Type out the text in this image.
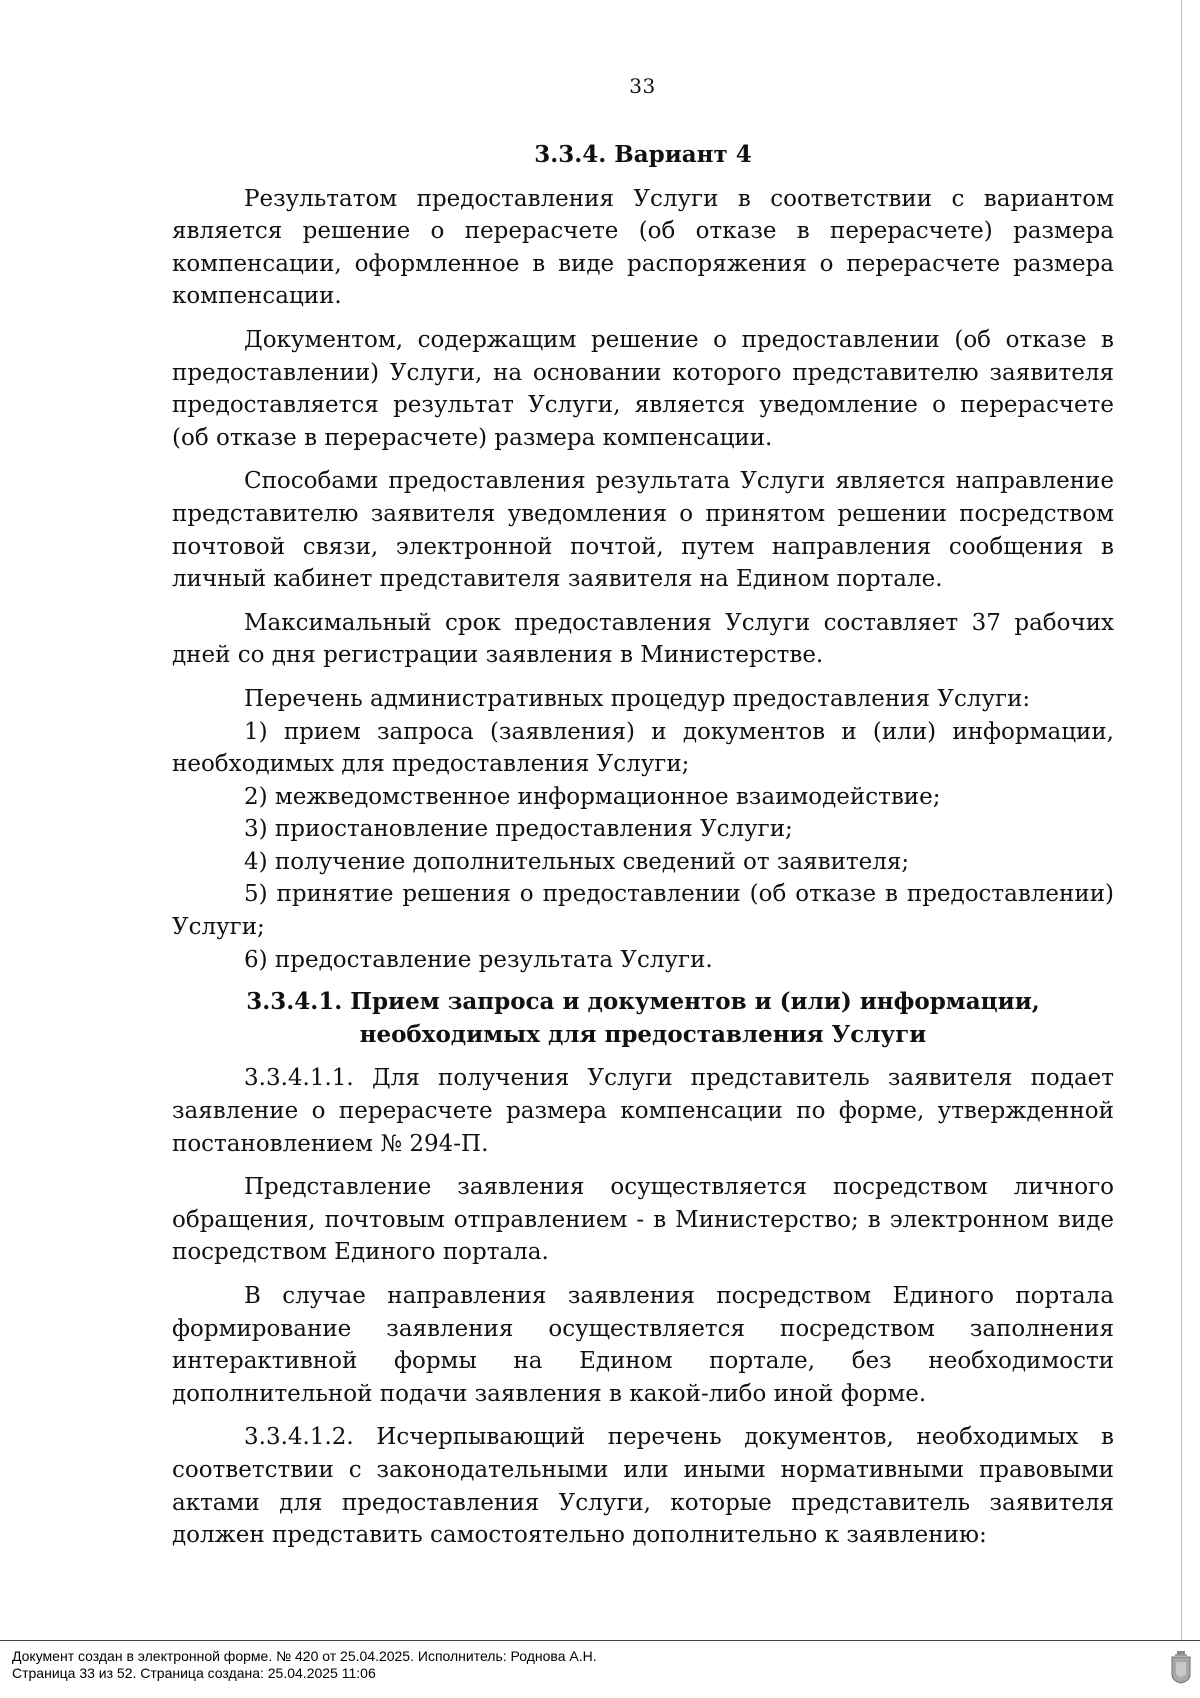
33
3.3.4. Вариант 4

Результатом предоставления Услуги в соответствии с вариантом является решение о перерасчете (об отказе в перерасчете) размера компенсации, оформленное в виде распоряжения о перерасчете размера компенсации.

Документом, содержащим решение о предоставлении (об отказе в предоставлении) Услуги, на основании которого представителю заявителя предоставляется результат Услуги, является уведомление о перерасчете (об отказе в перерасчете) размера компенсации.

Способами предоставления результата Услуги является направление представителю заявителя уведомления о принятом решении посредством почтовой связи, электронной почтой, путем направления сообщения в личный кабинет представителя заявителя на Едином портале.

Максимальный срок предоставления Услуги составляет 37 рабочих дней со дня регистрации заявления в Министерстве.

Перечень административных процедур предоставления Услуги:

1) прием запроса (заявления) и документов и (или) информации, необходимых для предоставления Услуги;

2) межведомственное информационное взаимодействие;

3) приостановление предоставления Услуги;

4) получение дополнительных сведений от заявителя;

5) принятие решения о предоставлении (об отказе в предоставлении) Услуги;

6) предоставление результата Услуги.

3.3.4.1. Прием запроса и документов и (или) информации, необходимых для предоставления Услуги

3.3.4.1.1. Для получения Услуги представитель заявителя подает заявление о перерасчете размера компенсации по форме, утвержденной постановлением № 294-П.

Представление заявления осуществляется посредством личного обращения, почтовым отправлением - в Министерство; в электронном виде посредством Единого портала.

В случае направления заявления посредством Единого портала формирование заявления осуществляется посредством заполнения интерактивной формы на Едином портале, без необходимости дополнительной подачи заявления в какой-либо иной форме.

3.3.4.1.2. Исчерпывающий перечень документов, необходимых в соответствии с законодательными или иными нормативными правовыми актами для предоставления Услуги, которые представитель заявителя должен представить самостоятельно дополнительно к заявлению:

Документ создан в электронной форме. № 420 от 25.04.2025. Исполнитель: Роднова А.Н.
Страница 33 из 52. Страница создана: 25.04.2025 11:06
